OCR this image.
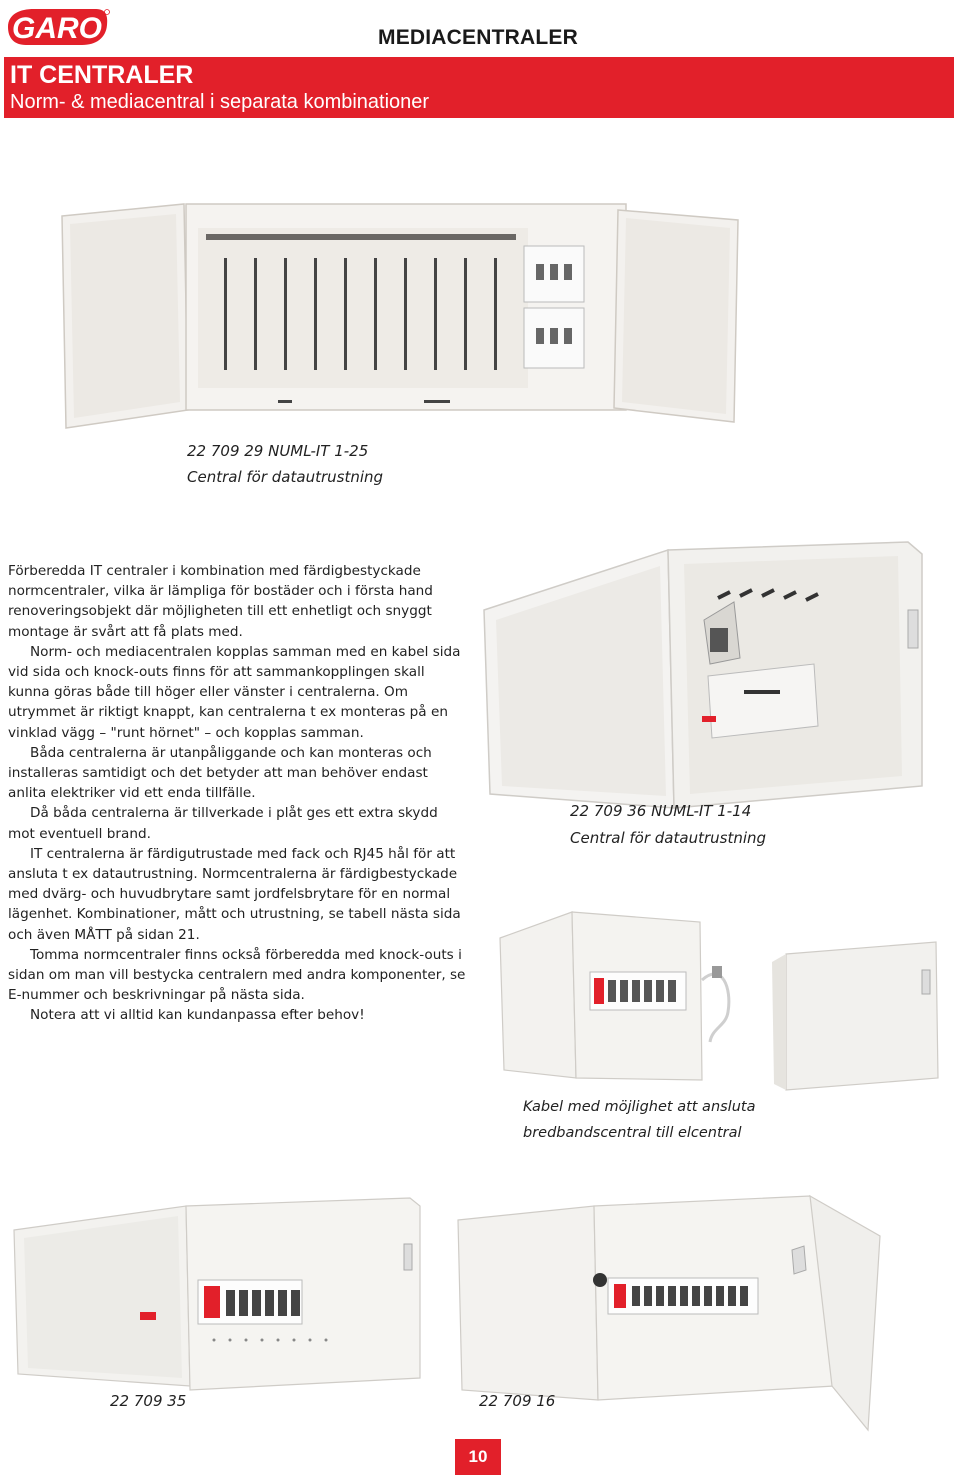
GARO	MEDIACENTRALER
IT CENTRALER
Norm- & mediacentral i separata kombinationer
22 709 29 NUML-IT 1-25
Central för datautrustning

Förberedda IT centraler i kombination med färdigbestyckade normcentraler, vilka är lämpliga för bostäder och i första hand renoveringsobjekt där möjligheten till ett enhetligt och snyggt montage är svårt att få plats med.

Norm- och mediacentralen kopplas samman med en kabel sida vid sida och knock-outs finns för att sammankopplingen skall kunna göras både till höger eller vänster i centralerna. Om utrymmet är riktigt knappt, kan centralerna t ex monteras på en vinklad vägg – "runt hörnet" – och kopplas samman.

Båda centralerna är utanpåliggande och kan monteras och installeras samtidigt och det betyder att man behöver endast anlita elektriker vid ett enda tillfälle.

Då båda centralerna är tillverkade i plåt ges ett extra skydd mot eventuell brand.

IT centralerna är färdigutrustade med fack och RJ45 hål för att ansluta t ex datautrustning. Normcentralerna är färdigbestyckade med dvärg- och huvudbrytare samt jordfelsbrytare för en normal lägenhet. Kombinationer, mått och utrustning, se tabell nästa sida och även MÅTT på sidan 21.

Tomma normcentraler finns också förberedda med knock-outs i sidan om man vill bestycka centralern med andra komponenter, se E-nummer och beskrivningar på nästa sida.

Notera att vi alltid kan kundanpassa efter behov!

22 709 36 NUML-IT 1-14
Central för datautrustning
Kabel med möjlighet att ansluta
bredbandscentral till elcentral
22 709 35	22 709 16
10
